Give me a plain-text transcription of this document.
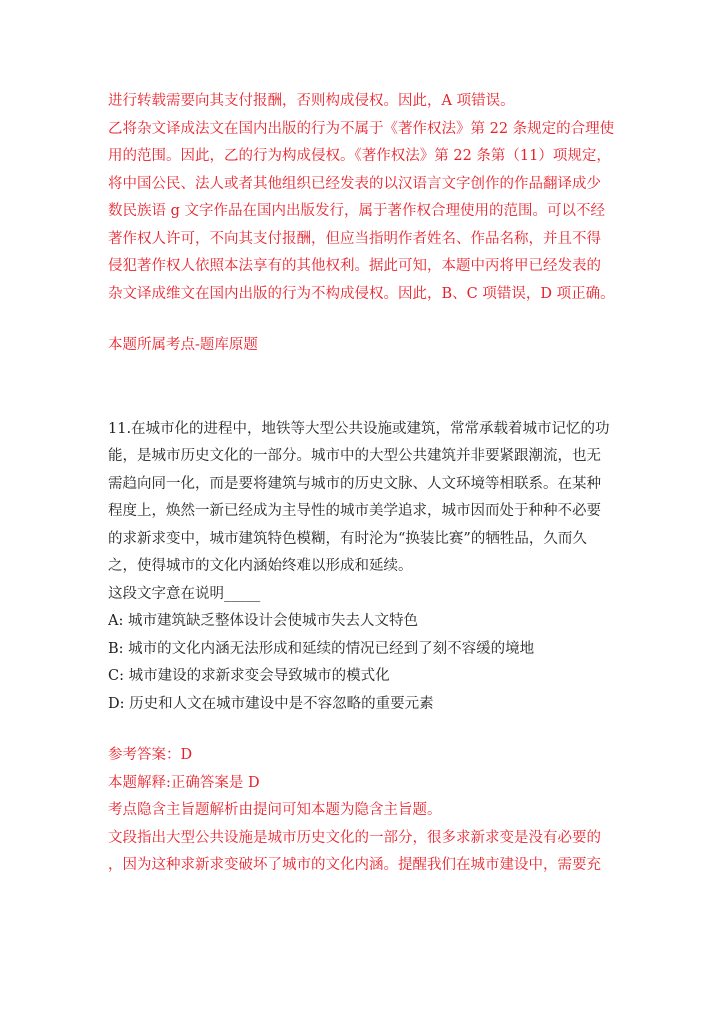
进行转载需要向其支付报酬，否则构成侵权。因此，A 项错误。
乙将杂文译成法文在国内出版的行为不属于《著作权法》第 22 条规定的合理使
用的范围。因此，乙的行为构成侵权。《著作权法》第 22 条第（11）项规定，
将中国公民、法人或者其他组织已经发表的以汉语言文字创作的作品翻译成少
数民族语 g 文字作品在国内出版发行，属于著作权合理使用的范围。可以不经
著作权人许可，不向其支付报酬，但应当指明作者姓名、作品名称，并且不得
侵犯著作权人依照本法享有的其他权利。据此可知，本题中丙将甲已经发表的
杂文译成维文在国内出版的行为不构成侵权。因此，B、C 项错误，D 项正确。
本题所属考点-题库原题
11.在城市化的进程中，地铁等大型公共设施或建筑，常常承载着城市记忆的功
能，是城市历史文化的一部分。城市中的大型公共建筑并非要紧跟潮流，也无
需趋向同一化，而是要将建筑与城市的历史文脉、人文环境等相联系。在某种
程度上，焕然一新已经成为主导性的城市美学追求，城市因而处于种种不必要
的求新求变中，城市建筑特色模糊，有时沦为“换装比赛”的牺牲品，久而久
之，使得城市的文化内涵始终难以形成和延续。
这段文字意在说明_____
A: 城市建筑缺乏整体设计会使城市失去人文特色
B: 城市的文化内涵无法形成和延续的情况已经到了刻不容缓的境地
C: 城市建设的求新求变会导致城市的模式化
D: 历史和人文在城市建设中是不容忽略的重要元素
参考答案：D
本题解释:正确答案是 D
考点隐含主旨题解析由提问可知本题为隐含主旨题。
文段指出大型公共设施是城市历史文化的一部分，很多求新求变是没有必要的
，因为这种求新求变破坏了城市的文化内涵。提醒我们在城市建设中，需要充
